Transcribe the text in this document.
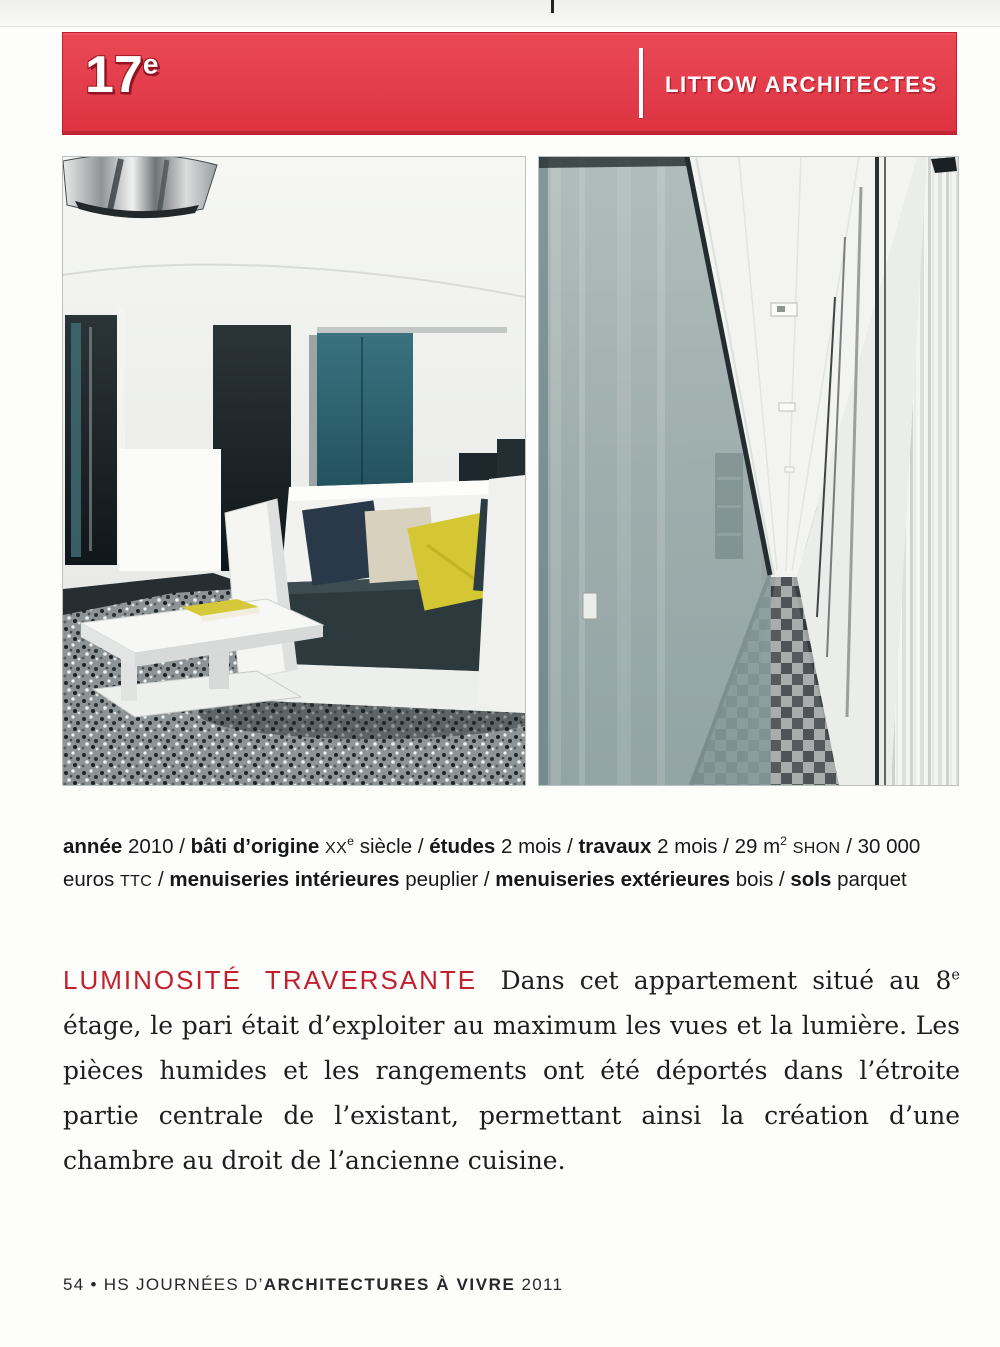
17e
LITTOW ARCHITECTES

année 2010 / bâti d’origine XXe siècle / études 2 mois / travaux 2 mois / 29 $m^2$ SHON / 30 000 euros TTC / menuiseries intérieures peuplier / menuiseries extérieures bois / sols parquet

LUMINOSITÉ TRAVERSANTE Dans cet appartement situé au 8e étage, le pari était d’exploiter au maximum les vues et la lumière. Les pièces humides et les rangements ont été déportés dans l’étroite partie centrale de l’existant, permettant ainsi la création d’une chambre au droit de l’ancienne cuisine.

54 • HS JOURNÉES D’ARCHITECTURES À VIVRE 2011
